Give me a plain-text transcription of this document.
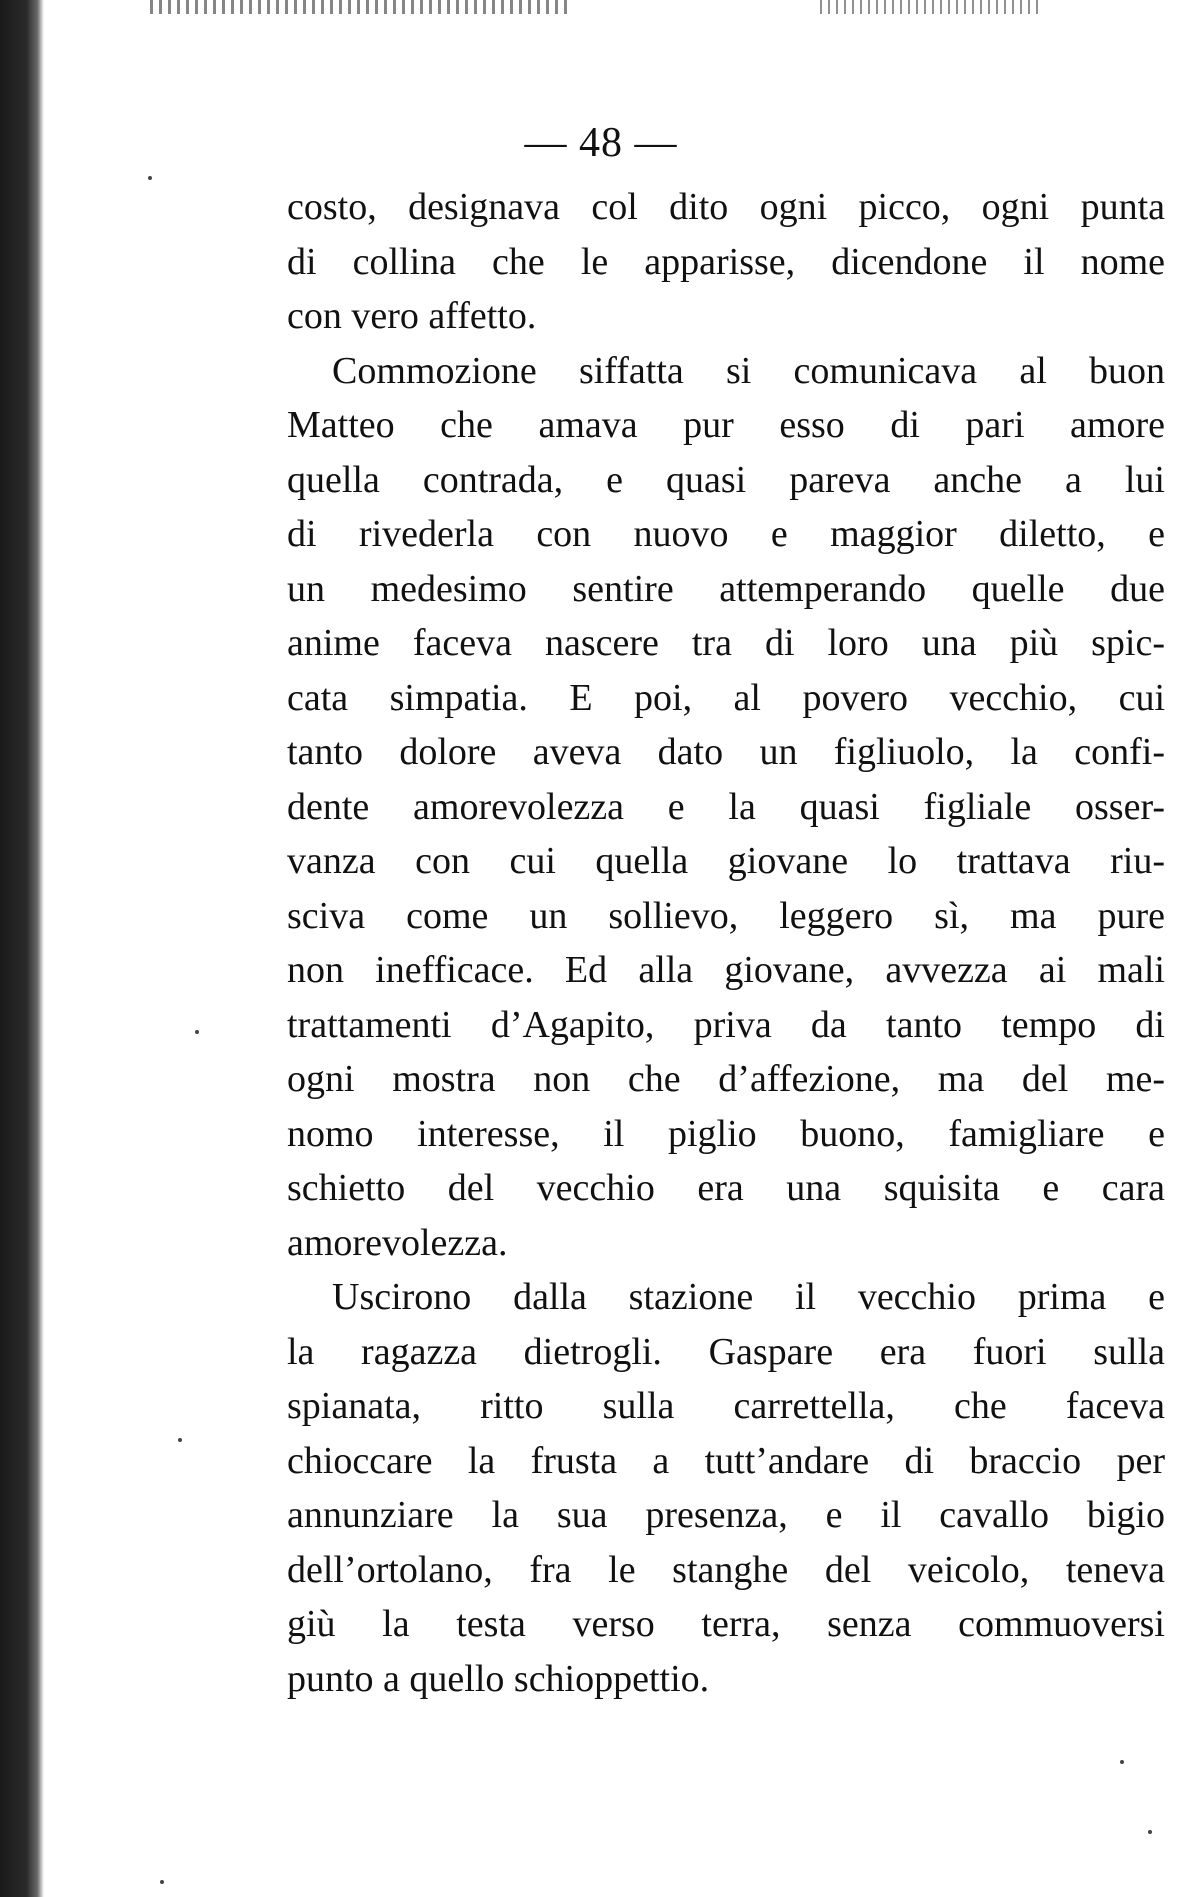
— 48 —
costo, designava col dito ogni picco, ogni punta
di collina che le apparisse, dicendone il nome
con vero affetto.
Commozione siffatta si comunicava al buon
Matteo che amava pur esso di pari amore
quella contrada, e quasi pareva anche a lui
di rivederla con nuovo e maggior diletto, e
un medesimo sentire attemperando quelle due
anime faceva nascere tra di loro una più spic-
cata simpatia. E poi, al povero vecchio, cui
tanto dolore aveva dato un figliuolo, la confi-
dente amorevolezza e la quasi figliale osser-
vanza con cui quella giovane lo trattava riu-
sciva come un sollievo, leggero sì, ma pure
non inefficace. Ed alla giovane, avvezza ai mali
trattamenti d’Agapito, priva da tanto tempo di
ogni mostra non che d’affezione, ma del me-
nomo interesse, il piglio buono, famigliare e
schietto del vecchio era una squisita e cara
amorevolezza.
Uscirono dalla stazione il vecchio prima e
la ragazza dietrogli. Gaspare era fuori sulla
spianata, ritto sulla carrettella, che faceva
chioccare la frusta a tutt’andare di braccio per
annunziare la sua presenza, e il cavallo bigio
dell’ortolano, fra le stanghe del veicolo, teneva
giù la testa verso terra, senza commuoversi
punto a quello schioppettio.
